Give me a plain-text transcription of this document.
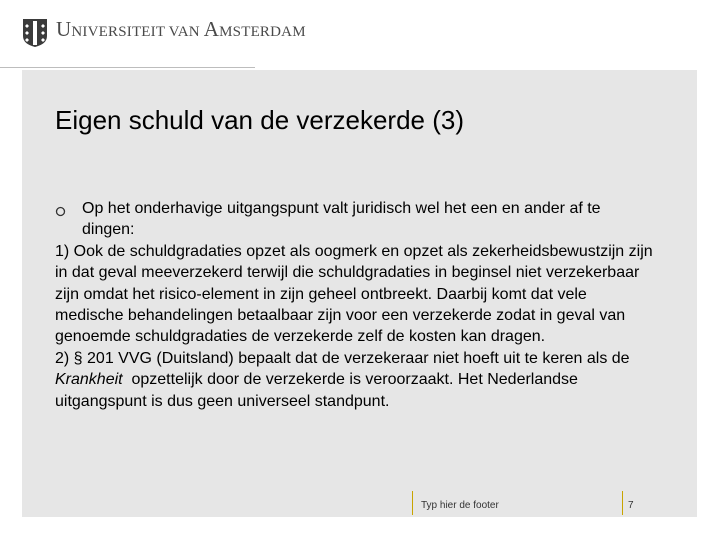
UNIVERSITEIT VAN AMSTERDAM
Eigen schuld van de verzekerde (3)

Op het onderhavige uitgangspunt valt juridisch wel het een en ander af te dingen:

1) Ook de schuldgradaties opzet als oogmerk en opzet als zekerheidsbewustzijn zijn in dat geval meeverzekerd terwijl die schuldgradaties in beginsel niet verzekerbaar zijn omdat het risico-element in zijn geheel ontbreekt. Daarbij komt dat vele medische behandelingen betaalbaar zijn voor een verzekerde zodat in geval van genoemde schuldgradaties de verzekerde zelf de kosten kan dragen.

2) § 201 VVG (Duitsland) bepaalt dat de verzekeraar niet hoeft uit te keren als de Krankheit  opzettelijk door de verzekerde is veroorzaakt. Het Nederlandse uitgangspunt is dus geen universeel standpunt.

Typ hier de footer	7
